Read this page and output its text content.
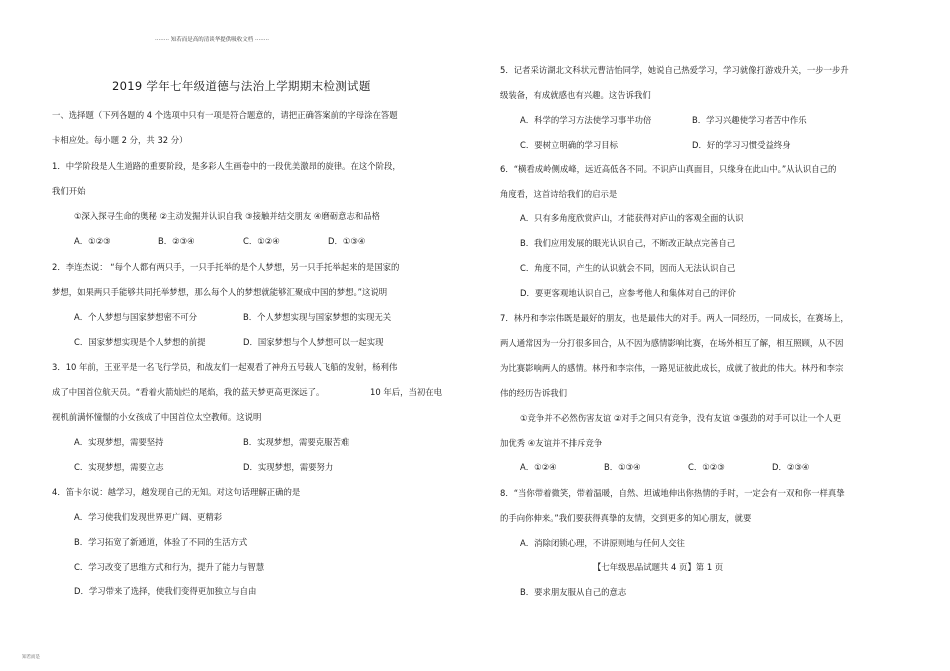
········ 知若而是高的清谈华提供吸收文档 ········
知若而是
2019 学年七年级道德与法治上学期期末检测试题
一、选择题（下列各题的 4 个选项中只有一项是符合题意的，请把正确答案前的字母涂在答题
卡相应处。每小题 2 分，共 32 分）
1．中学阶段是人生道路的重要阶段，是多彩人生画卷中的一段优美激昂的旋律。在这个阶段，
我们开始
①深入探寻生命的奥秘 ②主动发掘并认识自我 ③接触并结交朋友 ④磨砺意志和品格
A．①②③	B．②③④	C．①②④	D．①③④
2．李连杰说： “每个人都有两只手，一只手托举的是个人梦想，另一只手托举起来的是国家的
梦想，如果两只手能够共同托举梦想，那么每个人的梦想就能够汇聚成中国的梦想。”这说明
A．个人梦想与国家梦想密不可分	B．个人梦想实现与国家梦想的实现无关
C．国家梦想实现是个人梦想的前提	D．国家梦想与个人梦想可以一起实现
3．10 年前，王亚平是一名飞行学员，和战友们一起观看了神舟五号载人飞船的发射，杨利伟
成了中国首位航天员。“看着火箭灿烂的尾焰，我的蓝天梦更高更深远了。	10 年后，当初在电
视机前满怀憧憬的小女孩成了中国首位太空教师。这说明
A．实现梦想，需要坚持	B．实现梦想，需要克服苦难
C．实现梦想，需要立志	D．实现梦想，需要努力
4．笛卡尔说：越学习，越发现自己的无知。对这句话理解正确的是
A．学习使我们发现世界更广阔、更精彩
B．学习拓宽了新通道，体验了不同的生活方式
C．学习改变了思维方式和行为，提升了能力与智慧
D．学习带来了选择，使我们变得更加独立与自由
5．记者采访湖北文科状元曹洁怡同学，她说自己热爱学习，学习就像打游戏升关，一步一步升
级装备，有成就感也有兴趣。这告诉我们
A．科学的学习方法使学习事半功倍	B．学习兴趣使学习者苦中作乐
C．要树立明确的学习目标	D．好的学习习惯受益终身
6．“横看成岭侧成峰，远近高低各不同。不识庐山真面目，只缘身在此山中。”从认识自己的
角度看，这首诗给我们的启示是
A．只有多角度欣赏庐山，才能获得对庐山的客观全面的认识
B．我们应用发展的眼光认识自己，不断改正缺点完善自己
C．角度不同，产生的认识就会不同，因而人无法认识自己
D．要更客观地认识自己，应参考他人和集体对自己的评价
7．林丹和李宗伟既是最好的朋友，也是最伟大的对手。两人一同经历，一同成长，在赛场上，
两人通常因为一分打很多回合，从不因为感情影响比赛，在场外相互了解，相互照顾，从不因
为比赛影响两人的感情。林丹和李宗伟，一路见证彼此成长，成就了彼此的伟大。林丹和李宗
伟的经历告诉我们
①竞争并不必然伤害友谊 ②对手之间只有竞争，没有友谊 ③强劲的对手可以让一个人更
加优秀 ④友谊并不排斥竞争
A．①②④	B．①③④	C．①②③	D．②③④
8．“当你带着微笑，带着温暖，自然、坦诚地伸出你热情的手时，一定会有一双和你一样真挚
的手向你伸来。”我们要获得真挚的友情，交到更多的知心朋友，就要
A．消除闭锁心理，不讲原则地与任何人交往
【七年级思品试题共 4 页】第 1 页
B．要求朋友服从自己的意志
